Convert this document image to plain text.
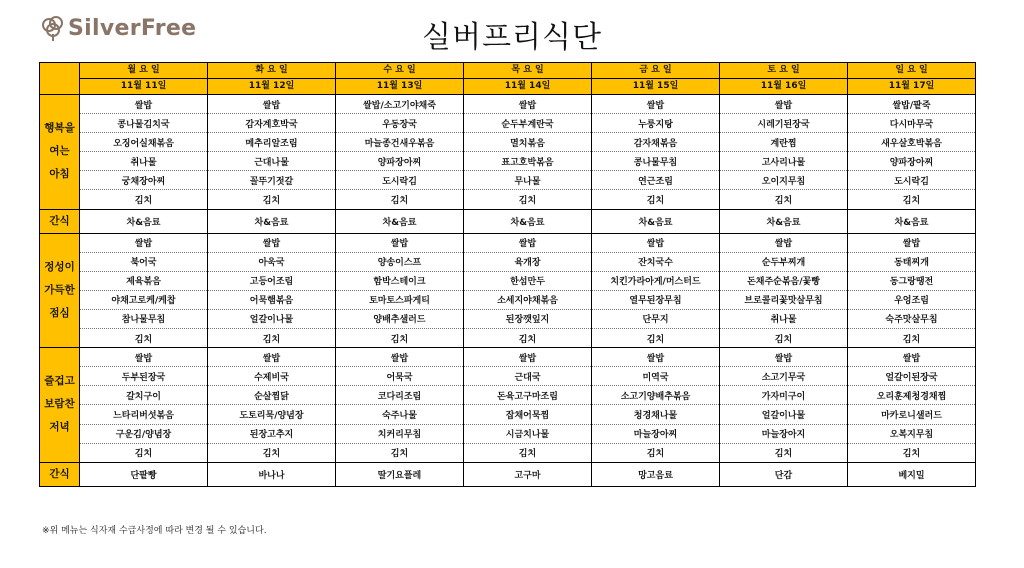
SilverFree	실버프리식단
	월 요 일	화 요 일	수 요 일	목 요 일	금 요 일	토 요 일	일 요 일
	11월 11일	11월 12일	11월 13일	11월 14일	11월 15일	11월 16일	11월 17일

행복을
여는
아침	쌀밥	쌀밥	쌀밥/소고기야채죽	쌀밥	쌀밥	쌀밥	쌀밥/팥죽
	콩나물김치국	감자계호박국	우동장국	순두부계란국	누룽지탕	시레기된장국	다시마무국
	오징어실채볶음	메추리알조림	마늘종건새우볶음	멸치볶음	감자채볶음	계란찜	새우살호박볶음
	취나물	근대나물	양파장아찌	표고호박볶음	콩나물무침	고사리나물	양파장아찌
	궁채장아찌	꼴뚜기젓갈	도시락김	무나물	연근조림	오이지무침	도시락김
	김치	김치	김치	김치	김치	김치	김치

간식	차&음료	차&음료	차&음료	차&음료	차&음료	차&음료	차&음료

정성이
가득한
점심	쌀밥	쌀밥	쌀밥	쌀밥	쌀밥	쌀밥	쌀밥
	북어국	아욱국	양송이스프	육개장	잔치국수	순두부찌개	동태찌개
	제육볶음	고등어조림	함박스테이크	한섬만두	치킨가라아게/머스터드	돈채주순볶음/꽃빵	동그랑땡전
	야채고로케/케찹	어묵햄볶음	토마토스파게티	소세지야채볶음	열무된장무침	브로콜리꽃맛살무침	우엉조림
	참나물무침	얼갈이나물	양배추샐러드	된장깻잎지	단무지	취나물	숙주맛살무침
	김치	김치	김치	김치	김치	김치	김치

즐겁고
보람찬
저녁	쌀밥	쌀밥	쌀밥	쌀밥	쌀밥	쌀밥	쌀밥
	두부된장국	수제비국	어묵국	근대국	미역국	소고기무국	얼갈이된장국
	갈치구이	순살찜닭	코다리조림	돈육고구마조림	소고기양배추볶음	가자미구이	오리훈제청경채찜
	느타리버섯볶음	도토리묵/양념장	숙주나물	잡채어묵찜	청경채나물	얼갈이나물	마카로니샐러드
	구운김/양념장	된장고추지	치커리무침	시금치나물	마늘장아찌	마늘장아지	오복지무침
	김치	김치	김치	김치	김치	김치	김치

간식	단팥빵	바나나	딸기요플레	고구마	망고음료	단감	베지밀
※위 메뉴는 식자재 수급사정에 따라 변경 될 수 있습니다.
